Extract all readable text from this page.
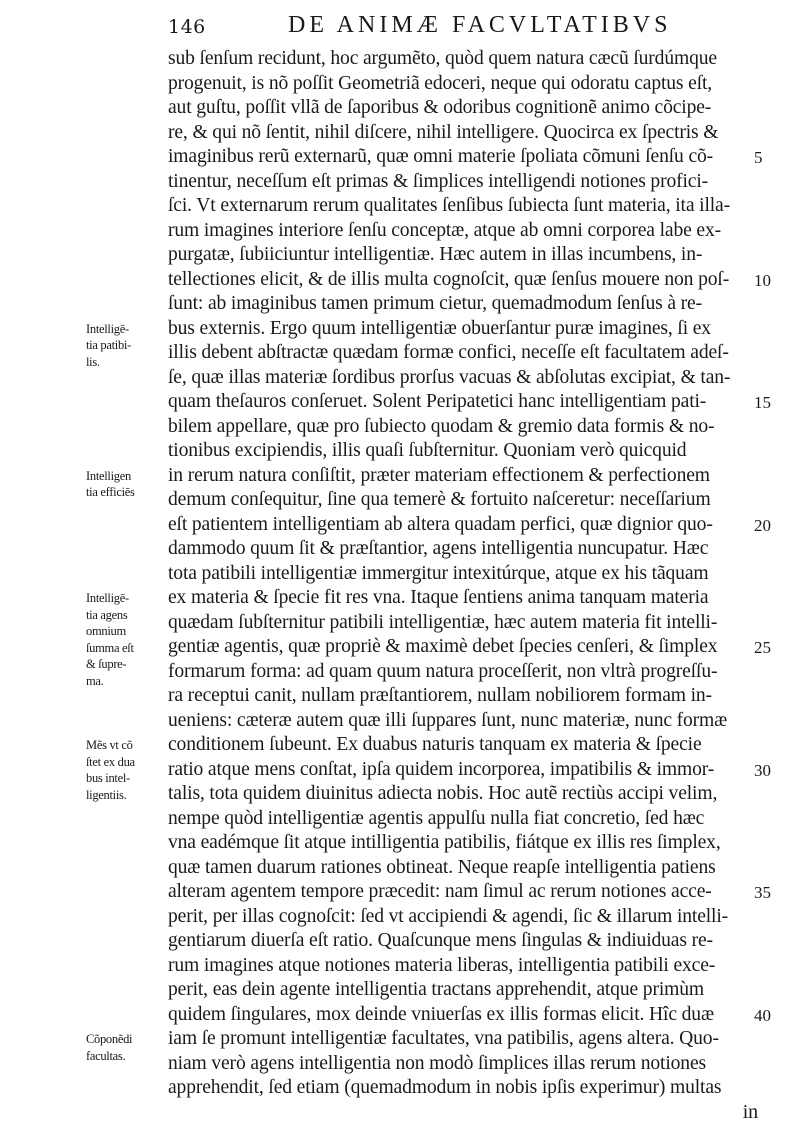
146	DE ANIMÆ FACVLTATIBVS
sub ſenſum recidunt, hoc argumẽto, quòd quem natura cæcũ ſurdúmque
progenuit, is nõ poſſit Geometriã edoceri, neque qui odoratu captus eſt,
aut guſtu, poſſit vllã de ſaporibus & odoribus cognitionẽ animo cõcipe-
re, & qui nõ ſentit, nihil diſcere, nihil intelligere. Quocirca ex ſpectris &
imaginibus rerũ externarũ, quæ omni materie ſpoliata cõmuni ſenſu cõ-
tinentur, neceſſum eſt primas & ſimplices intelligendi notiones profici-
ſci. Vt externarum rerum qualitates ſenſibus ſubiecta ſunt materia, ita illa-
rum imagines interiore ſenſu conceptæ, atque ab omni corporea labe ex-
purgatæ, ſubiiciuntur intelligentiæ. Hæc autem in illas incumbens, in-
tellectiones elicit, & de illis multa cognoſcit, quæ ſenſus mouere non poſ-
ſunt: ab imaginibus tamen primum cietur, quemadmodum ſenſus à re-
bus externis. Ergo quum intelligentiæ obuerſantur puræ imagines, ſi ex
illis debent abſtractæ quædam formæ confici, neceſſe eſt facultatem adeſ-
ſe, quæ illas materiæ ſordibus prorſus vacuas & abſolutas excipiat, & tan-
quam theſauros conſeruet. Solent Peripatetici hanc intelligentiam pati-
bilem appellare, quæ pro ſubiecto quodam & gremio data formis & no-
tionibus excipiendis, illis quaſi ſubſternitur. Quoniam verò quicquid
in rerum natura conſiſtit, præter materiam effectionem & perfectionem
demum conſequitur, ſine qua temerè & fortuito naſceretur: neceſſarium
eſt patientem intelligentiam ab altera quadam perfici, quæ dignior quo-
dammodo quum ſit & præſtantior, agens intelligentia nuncupatur. Hæc
tota patibili intelligentiæ immergitur intexitúrque, atque ex his tãquam
ex materia & ſpecie fit res vna. Itaque ſentiens anima tanquam materia
quædam ſubſternitur patibili intelligentiæ, hæc autem materia fit intelli-
gentiæ agentis, quæ propriè & maximè debet ſpecies cenſeri, & ſimplex
formarum forma: ad quam quum natura proceſſerit, non vltrà progreſſu-
ra receptui canit, nullam præſtantiorem, nullam nobiliorem formam in-
ueniens: cæteræ autem quæ illi ſuppares ſunt, nunc materiæ, nunc formæ
conditionem ſubeunt. Ex duabus naturis tanquam ex materia & ſpecie
ratio atque mens conſtat, ipſa quidem incorporea, impatibilis & immor-
talis, tota quidem diuinitus adiecta nobis. Hoc autẽ rectiùs accipi velim,
nempe quòd intelligentiæ agentis appulſu nulla fiat concretio, ſed hæc
vna eadémque ſit atque intilligentia patibilis, fiátque ex illis res ſimplex,
quæ tamen duarum rationes obtineat. Neque reapſe intelligentia patiens
alteram agentem tempore præcedit: nam ſimul ac rerum notiones acce-
perit, per illas cognoſcit: ſed vt accipiendi & agendi, ſic & illarum intelli-
gentiarum diuerſa eſt ratio. Quaſcunque mens ſingulas & indiuiduas re-
rum imagines atque notiones materia liberas, intelligentia patibili exce-
perit, eas dein agente intelligentia tractans apprehendit, atque primùm
quidem ſingulares, mox deinde vniuerſas ex illis formas elicit. Hîc duæ
iam ſe promunt intelligentiæ facultates, vna patibilis, agens altera. Quo-
niam verò agens intelligentia non modò ſimplices illas rerum notiones
apprehendit, ſed etiam (quemadmodum in nobis ipſis experimur) multas
in
Intelligē-
tia patibi-
lis.
Intelligen
tia efficiēs
Intelligē-
tia agens
omnium
ſumma eſt
& ſupre-
ma.
Mẽs vt cõ
ſtet ex dua
bus intel-
ligentiis.
Cõponẽdi
facultas.
5
10
15
20
25
30
35
40
